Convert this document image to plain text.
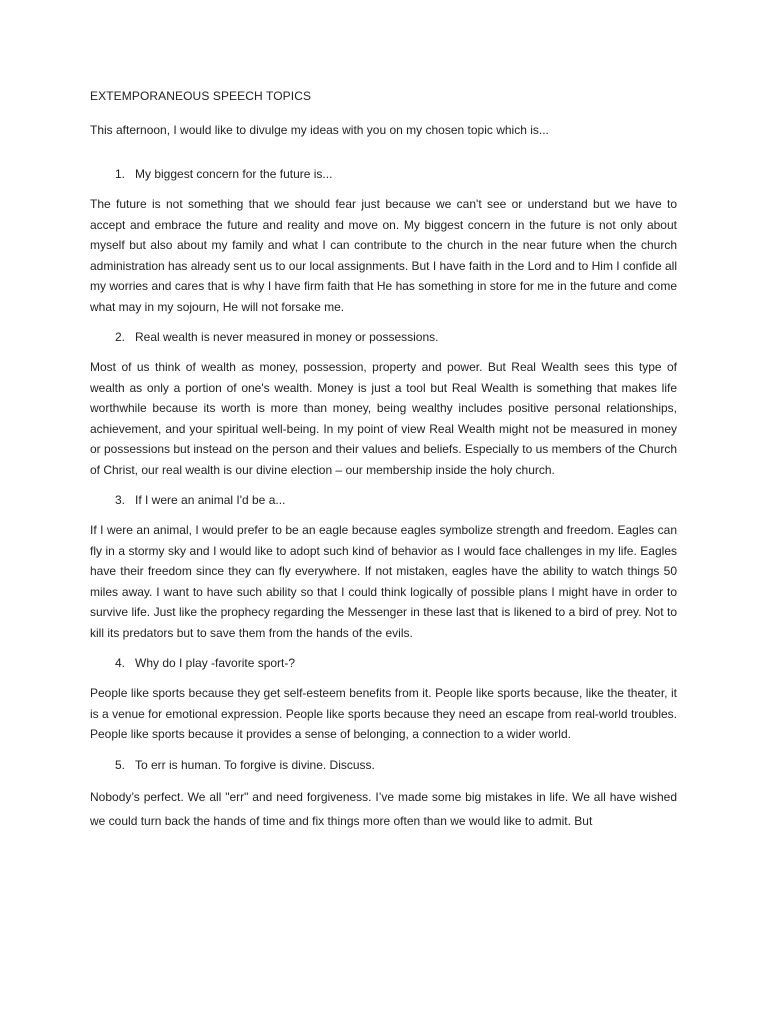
EXTEMPORANEOUS SPEECH TOPICS
This afternoon, I would like to divulge my ideas with you on my chosen topic which is...
1. My biggest concern for the future is...
The future is not something that we should fear just because we can't see or understand but we have to accept and embrace the future and reality and move on. My biggest concern in the future is not only about myself but also about my family and what I can contribute to the church in the near future when the church administration has already sent us to our local assignments. But I have faith in the Lord and to Him I confide all my worries and cares that is why I have firm faith that He has something in store for me in the future and come what may in my sojourn, He will not forsake me.
2. Real wealth is never measured in money or possessions.
Most of us think of wealth as money, possession, property and power. But Real Wealth sees this type of wealth as only a portion of one's wealth. Money is just a tool but Real Wealth is something that makes life worthwhile because its worth is more than money, being wealthy includes positive personal relationships, achievement, and your spiritual well-being. In my point of view Real Wealth might not be measured in money or possessions but instead on the person and their values and beliefs. Especially to us members of the Church of Christ, our real wealth is our divine election – our membership inside the holy church.
3. If I were an animal I'd be a...
If I were an animal, I would prefer to be an eagle because eagles symbolize strength and freedom. Eagles can fly in a stormy sky and I would like to adopt such kind of behavior as I would face challenges in my life. Eagles have their freedom since they can fly everywhere. If not mistaken, eagles have the ability to watch things 50 miles away. I want to have such ability so that I could think logically of possible plans I might have in order to survive life. Just like the prophecy regarding the Messenger in these last that is likened to a bird of prey. Not to kill its predators but to save them from the hands of the evils.
4. Why do I play -favorite sport-?
People like sports because they get self-esteem benefits from it. People like sports because, like the theater, it is a venue for emotional expression. People like sports because they need an escape from real-world troubles. People like sports because it provides a sense of belonging, a connection to a wider world.
5. To err is human. To forgive is divine. Discuss.
Nobody’s perfect. We all "err" and need forgiveness. I’ve made some big mistakes in life. We all have wished we could turn back the hands of time and fix things more often than we would like to admit. But
